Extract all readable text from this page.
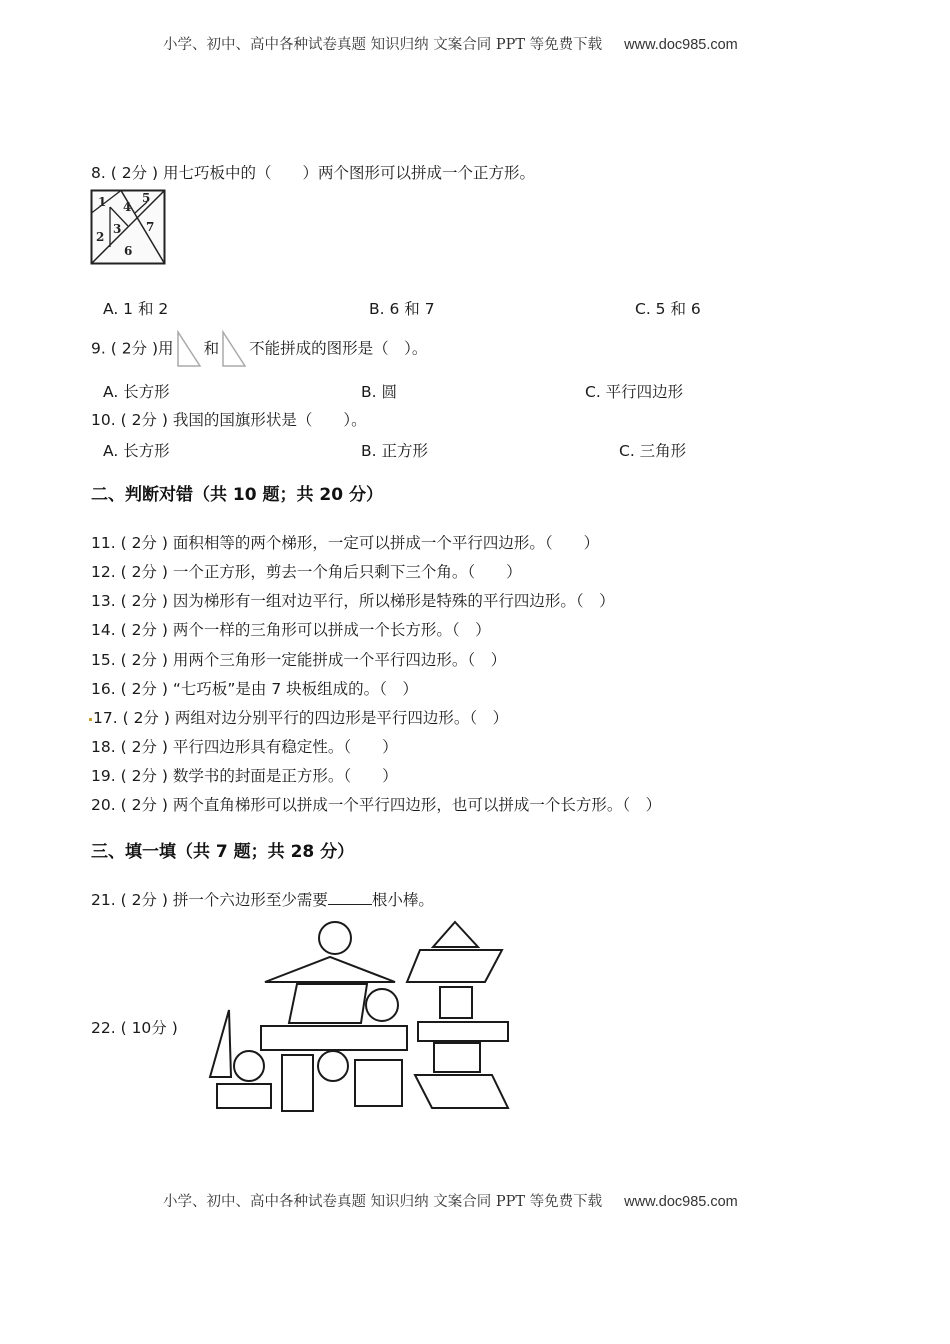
小学、初中、高中各种试卷真题 知识归纳 文案合同 PPT 等免费下载 www.doc985.com
8. ( 2分 ) 用七巧板中的（　　）两个图形可以拼成一个正方形。
1
2
3
4
5
6
7
A. 1 和 2	B. 6 和 7	C. 5 和 6
9. ( 2分 )用 和 不能拼成的图形是（　）。
A. 长方形	B. 圆	C. 平行四边形
10. ( 2分 ) 我国的国旗形状是（　　）。
A. 长方形	B. 正方形	C. 三角形
二、判断对错（共 10 题；共 20 分）
11. ( 2分 ) 面积相等的两个梯形，一定可以拼成一个平行四边形。（　　）
12. ( 2分 ) 一个正方形，剪去一个角后只剩下三个角。（　　）
13. ( 2分 ) 因为梯形有一组对边平行，所以梯形是特殊的平行四边形。（　）
14. ( 2分 ) 两个一样的三角形可以拼成一个长方形。（　）
15. ( 2分 ) 用两个三角形一定能拼成一个平行四边形。（　）
16. ( 2分 ) “七巧板”是由 7 块板组成的。（　）
17. ( 2分 ) 两组对边分别平行的四边形是平行四边形。（　）
18. ( 2分 ) 平行四边形具有稳定性。（　　）
19. ( 2分 ) 数学书的封面是正方形。（　　）
20. ( 2分 ) 两个直角梯形可以拼成一个平行四边形，也可以拼成一个长方形。（　）
三、填一填（共 7 题；共 28 分）
21. ( 2分 ) 拼一个六边形至少需要	根小棒。
22. ( 10分 )
小学、初中、高中各种试卷真题 知识归纳 文案合同 PPT 等免费下载 www.doc985.com
